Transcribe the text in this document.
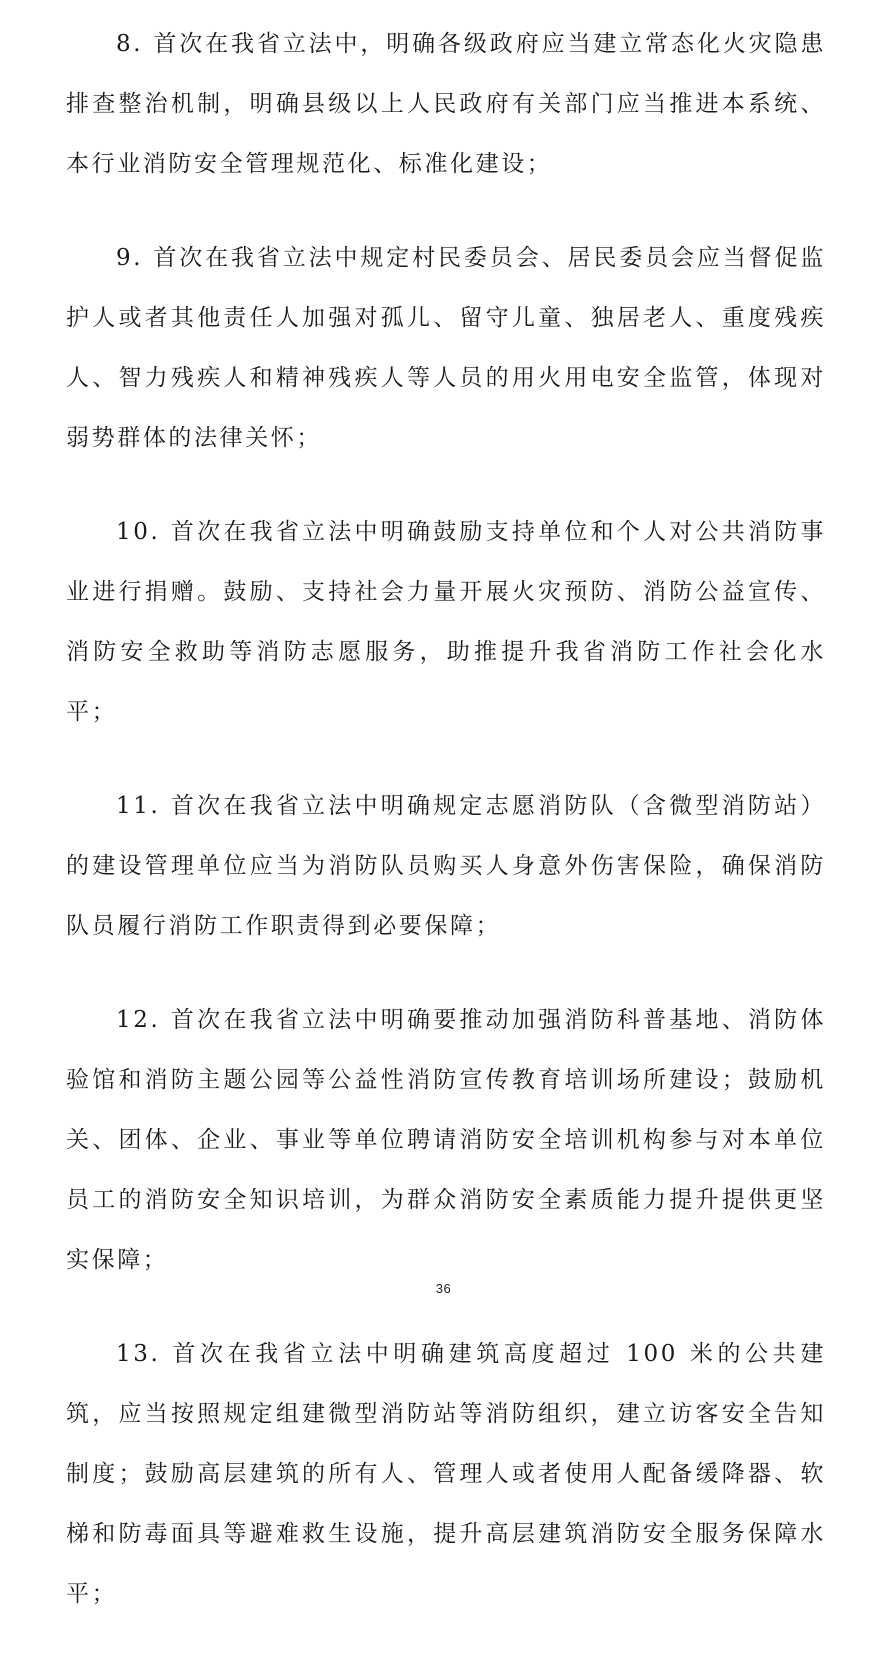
8. 首次在我省立法中，明确各级政府应当建立常态化火灾隐患排查整治机制，明确县级以上人民政府有关部门应当推进本系统、本行业消防安全管理规范化、标准化建设；

9. 首次在我省立法中规定村民委员会、居民委员会应当督促监护人或者其他责任人加强对孤儿、留守儿童、独居老人、重度残疾人、智力残疾人和精神残疾人等人员的用火用电安全监管，体现对弱势群体的法律关怀；

10. 首次在我省立法中明确鼓励支持单位和个人对公共消防事业进行捐赠。鼓励、支持社会力量开展火灾预防、消防公益宣传、消防安全救助等消防志愿服务，助推提升我省消防工作社会化水平；

11. 首次在我省立法中明确规定志愿消防队（含微型消防站）的建设管理单位应当为消防队员购买人身意外伤害保险，确保消防队员履行消防工作职责得到必要保障；

12. 首次在我省立法中明确要推动加强消防科普基地、消防体验馆和消防主题公园等公益性消防宣传教育培训场所建设；鼓励机关、团体、企业、事业等单位聘请消防安全培训机构参与对本单位员工的消防安全知识培训，为群众消防安全素质能力提升提供更坚实保障；

13. 首次在我省立法中明确建筑高度超过 100 米的公共建筑，应当按照规定组建微型消防站等消防组织，建立访客安全告知制度；鼓励高层建筑的所有人、管理人或者使用人配备缓降器、软梯和防毒面具等避难救生设施，提升高层建筑消防安全服务保障水平；

36
